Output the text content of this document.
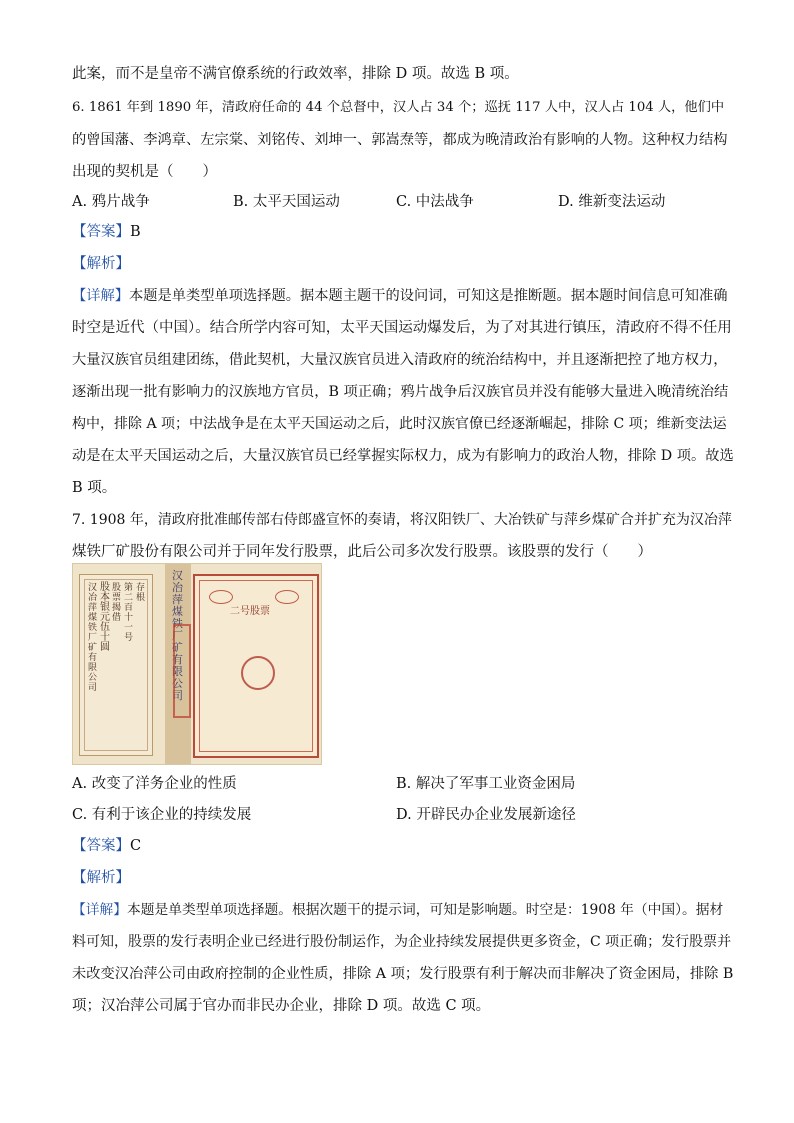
此案，而不是皇帝不满官僚系统的行政效率，排除 D 项。故选 B 项。
6. 1861 年到 1890 年，清政府任命的 44 个总督中，汉人占 34 个；巡抚 117 人中，汉人占 104 人，他们中
的曾国藩、李鸿章、左宗棠、刘铭传、刘坤一、郭嵩焘等，都成为晚清政治有影响的人物。这种权力结构
出现的契机是（　　）
A. 鸦片战争	B. 太平天国运动	C. 中法战争	D. 维新变法运动
【答案】B
【解析】
【详解】本题是单类型单项选择题。据本题主题干的设问词，可知这是推断题。据本题时间信息可知准确
时空是近代（中国）。结合所学内容可知，太平天国运动爆发后，为了对其进行镇压，清政府不得不任用
大量汉族官员组建团练，借此契机，大量汉族官员进入清政府的统治结构中，并且逐渐把控了地方权力，
逐渐出现一批有影响力的汉族地方官员，B 项正确；鸦片战争后汉族官员并没有能够大量进入晚清统治结
构中，排除 A 项；中法战争是在太平天国运动之后，此时汉族官僚已经逐渐崛起，排除 C 项；维新变法运
动是在太平天国运动之后，大量汉族官员已经掌握实际权力，成为有影响力的政治人物，排除 D 项。故选
B 项。
7. 1908 年，清政府批准邮传部右侍郎盛宣怀的奏请，将汉阳铁厂、大冶铁矿与萍乡煤矿合并扩充为汉冶萍
煤铁厂矿股份有限公司并于同年发行股票，此后公司多次发行股票。该股票的发行（　　）
存根
第二百十一号
股票揭借
股本银元伍十圆
汉冶萍煤铁厂矿有限公司
汉冶萍煤铁厂矿有限公司
二号股票
A. 改变了洋务企业的性质	B. 解决了军事工业资金困局
C. 有利于该企业的持续发展	D. 开辟民办企业发展新途径
【答案】C
【解析】
【详解】本题是单类型单项选择题。根据次题干的提示词，可知是影响题。时空是：1908 年（中国）。据材
料可知，股票的发行表明企业已经进行股份制运作，为企业持续发展提供更多资金，C 项正确；发行股票并
未改变汉冶萍公司由政府控制的企业性质，排除 A 项；发行股票有利于解决而非解决了资金困局，排除 B
项；汉冶萍公司属于官办而非民办企业，排除 D 项。故选 C 项。
